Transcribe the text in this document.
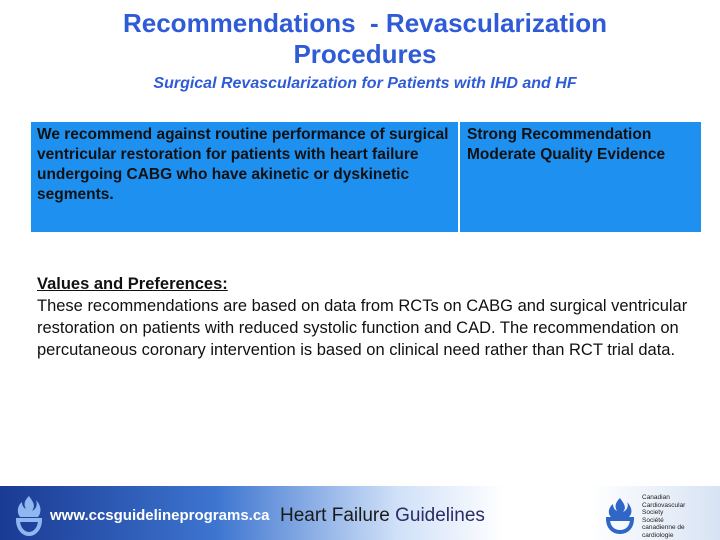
Recommendations  - Revascularization
Procedures
Surgical Revascularization for Patients with IHD and HF
We recommend against routine performance of surgical ventricular restoration for patients with heart failure undergoing CABG who have akinetic or dyskinetic segments.
Strong Recommendation
Moderate Quality Evidence
Values and Preferences:
These recommendations are based on data from RCTs on CABG and surgical ventricular restoration on patients with reduced systolic function and CAD. The recommendation on percutaneous coronary intervention is based on clinical need rather than RCT trial data.
www.ccsguidelineprograms.ca Heart Failure Guidelines
Canadian
Cardiovascular
Society
Société
canadienne de
cardiologie
